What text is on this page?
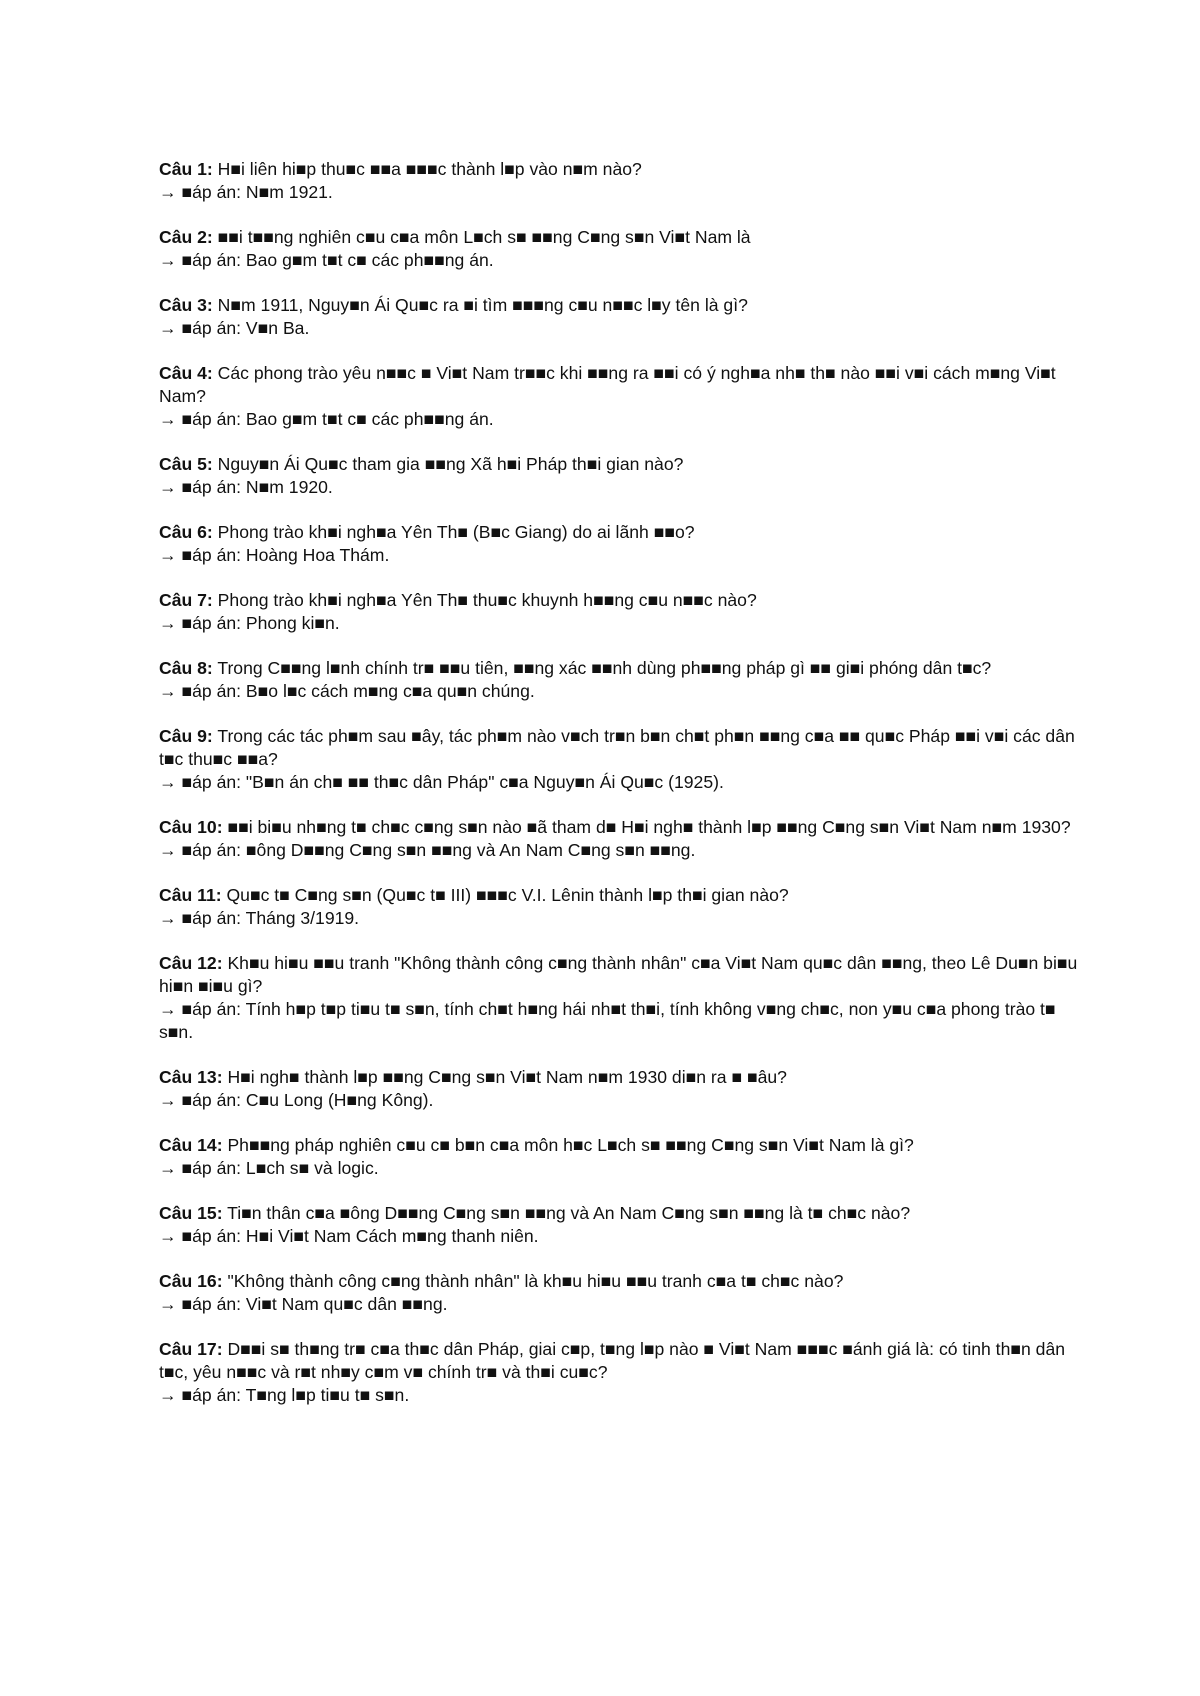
Câu 1: H■i liên hi■p thu■c ■■a ■■■c thành l■p vào n■m nào?

→ ■áp án: N■m 1921.

Câu 2: ■■i t■■ng nghiên c■u c■a môn L■ch s■ ■■ng C■ng s■n Vi■t Nam là

→ ■áp án: Bao g■m t■t c■ các ph■■ng án.

Câu 3: N■m 1911, Nguy■n Ái Qu■c ra ■i tìm ■■■ng c■u n■■c l■y tên là gì?

→ ■áp án: V■n Ba.

Câu 4: Các phong trào yêu n■■c ■ Vi■t Nam tr■■c khi ■■ng ra ■■i có ý ngh■a nh■ th■ nào ■■i v■i cách m■ng Vi■t Nam?

→ ■áp án: Bao g■m t■t c■ các ph■■ng án.

Câu 5: Nguy■n Ái Qu■c tham gia ■■ng Xã h■i Pháp th■i gian nào?

→ ■áp án: N■m 1920.

Câu 6: Phong trào kh■i ngh■a Yên Th■ (B■c Giang) do ai lãnh ■■o?

→ ■áp án: Hoàng Hoa Thám.

Câu 7: Phong trào kh■i ngh■a Yên Th■ thu■c khuynh h■■ng c■u n■■c nào?

→ ■áp án: Phong ki■n.

Câu 8: Trong C■■ng l■nh chính tr■ ■■u tiên, ■■ng xác ■■nh dùng ph■■ng pháp gì ■■ gi■i phóng dân t■c?

→ ■áp án: B■o l■c cách m■ng c■a qu■n chúng.

Câu 9: Trong các tác ph■m sau ■ây, tác ph■m nào v■ch tr■n b■n ch■t ph■n ■■ng c■a ■■ qu■c Pháp ■■i v■i các dân t■c thu■c ■■a?

→ ■áp án: "B■n án ch■ ■■ th■c dân Pháp" c■a Nguy■n Ái Qu■c (1925).

Câu 10: ■■i bi■u nh■ng t■ ch■c c■ng s■n nào ■ã tham d■ H■i ngh■ thành l■p ■■ng C■ng s■n Vi■t Nam n■m 1930?

→ ■áp án: ■ông D■■ng C■ng s■n ■■ng và An Nam C■ng s■n ■■ng.

Câu 11: Qu■c t■ C■ng s■n (Qu■c t■ III) ■■■c V.I. Lênin thành l■p th■i gian nào?

→ ■áp án: Tháng 3/1919.

Câu 12: Kh■u hi■u ■■u tranh "Không thành công c■ng thành nhân" c■a Vi■t Nam qu■c dân ■■ng, theo Lê Du■n bi■u hi■n ■i■u gì?

→ ■áp án: Tính h■p t■p ti■u t■ s■n, tính ch■t h■ng hái nh■t th■i, tính không v■ng ch■c, non y■u c■a phong trào t■ s■n.

Câu 13: H■i ngh■ thành l■p ■■ng C■ng s■n Vi■t Nam n■m 1930 di■n ra ■ ■âu?

→ ■áp án: C■u Long (H■ng Kông).

Câu 14: Ph■■ng pháp nghiên c■u c■ b■n c■a môn h■c L■ch s■ ■■ng C■ng s■n Vi■t Nam là gì?

→ ■áp án: L■ch s■ và logic.

Câu 15: Ti■n thân c■a ■ông D■■ng C■ng s■n ■■ng và An Nam C■ng s■n ■■ng là t■ ch■c nào?

→ ■áp án: H■i Vi■t Nam Cách m■ng thanh niên.

Câu 16: "Không thành công c■ng thành nhân" là kh■u hi■u ■■u tranh c■a t■ ch■c nào?

→ ■áp án: Vi■t Nam qu■c dân ■■ng.

Câu 17: D■■i s■ th■ng tr■ c■a th■c dân Pháp, giai c■p, t■ng l■p nào ■ Vi■t Nam ■■■c ■ánh giá là: có tinh th■n dân t■c, yêu n■■c và r■t nh■y c■m v■ chính tr■ và th■i cu■c?

→ ■áp án: T■ng l■p ti■u t■ s■n.
